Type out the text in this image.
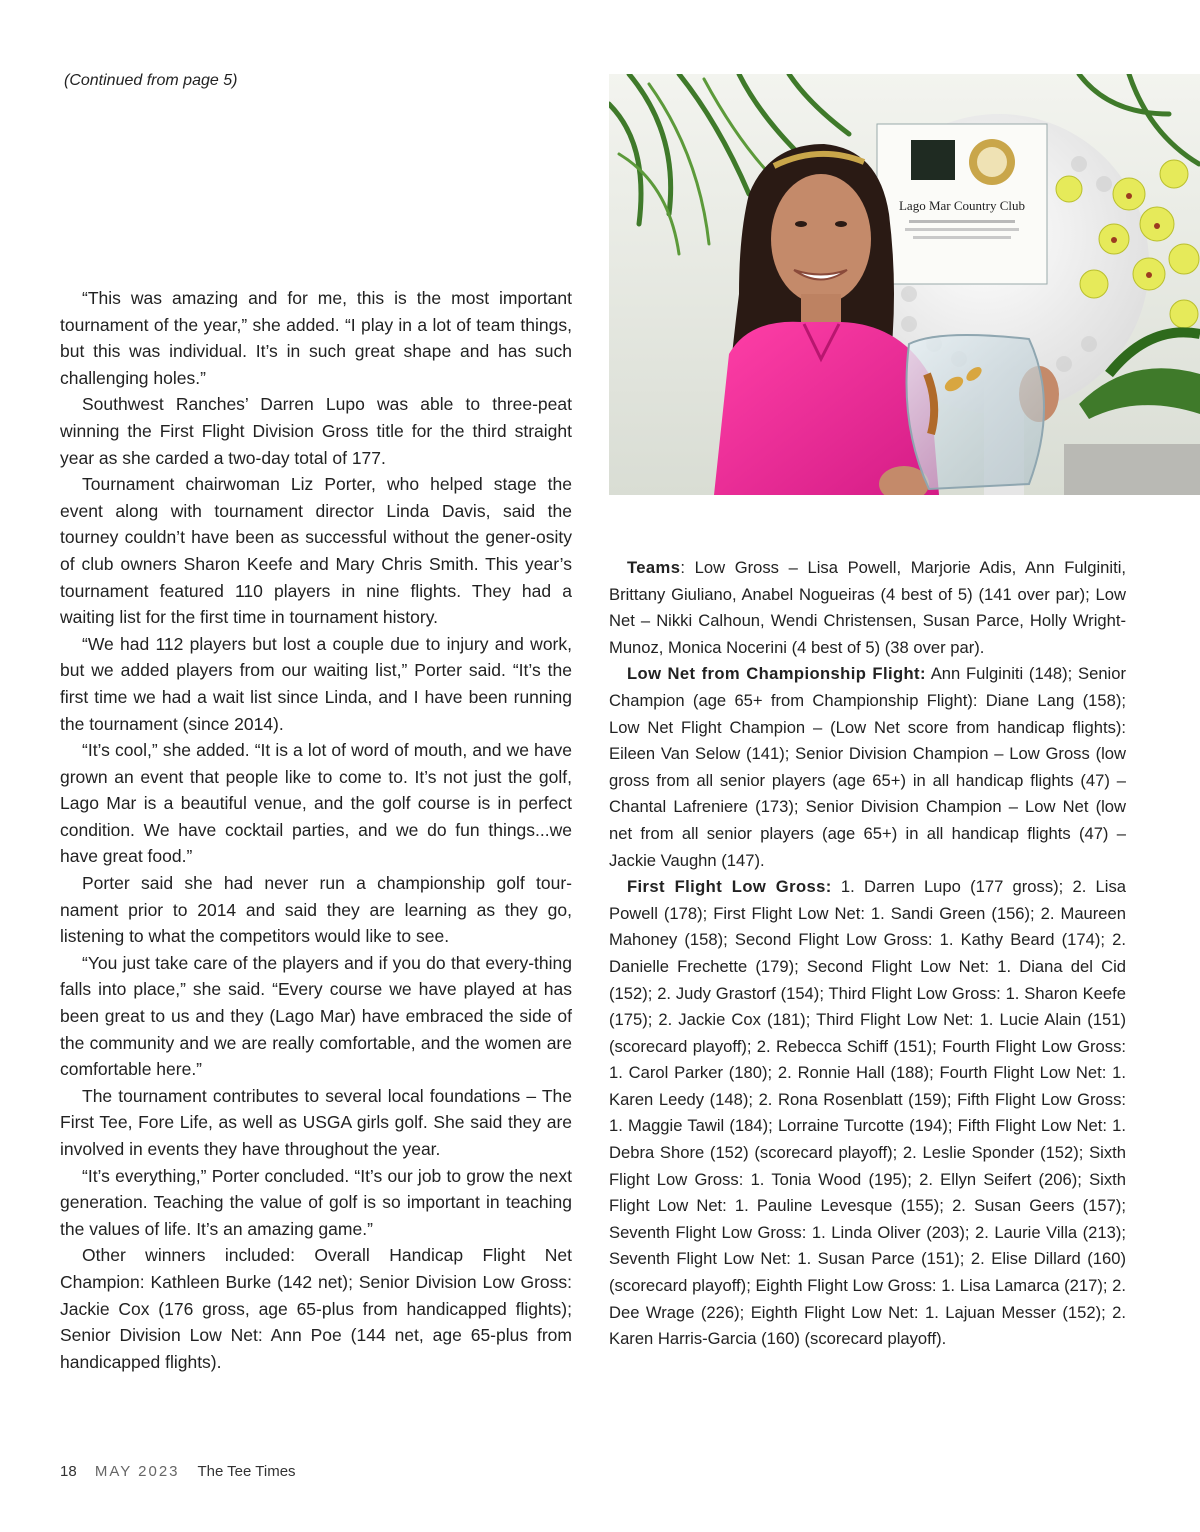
(Continued from page 5)
Lago Mar Country Club

“This was amazing and for me, this is the most important tournament of the year,” she added. “I play in a lot of team things, but this was individual. It’s in such great shape and has such challenging holes.”

Southwest Ranches’ Darren Lupo was able to three-peat winning the First Flight Division Gross title for the third straight year as she carded a two-day total of 177.

Tournament chairwoman Liz Porter, who helped stage the event along with tournament director Linda Davis, said the tourney couldn’t have been as successful without the gener-osity of club owners Sharon Keefe and Mary Chris Smith. This year’s tournament featured 110 players in nine flights. They had a waiting list for the first time in tournament history.

“We had 112 players but lost a couple due to injury and work, but we added players from our waiting list,” Porter said. “It’s the first time we had a wait list since Linda, and I have been running the tournament (since 2014).

“It’s cool,” she added. “It is a lot of word of mouth, and we have grown an event that people like to come to. It’s not just the golf, Lago Mar is a beautiful venue, and the golf course is in perfect condition. We have cocktail parties, and we do fun things...we have great food.”

Porter said she had never run a championship golf tour-nament prior to 2014 and said they are learning as they go, listening to what the competitors would like to see.

“You just take care of the players and if you do that every-thing falls into place,” she said. “Every course we have played at has been great to us and they (Lago Mar) have embraced the side of the community and we are really comfortable, and the women are comfortable here.”

The tournament contributes to several local foundations – The First Tee, Fore Life, as well as USGA girls golf. She said they are involved in events they have throughout the year.

“It’s everything,” Porter concluded. “It’s our job to grow the next generation. Teaching the value of golf is so important in teaching the values of life. It’s an amazing game.”

Other winners included: Overall Handicap Flight Net Champion: Kathleen Burke (142 net); Senior Division Low Gross: Jackie Cox (176 gross, age 65-plus from handicapped flights); Senior Division Low Net: Ann Poe (144 net, age 65-plus from handicapped flights).

Teams: Low Gross – Lisa Powell, Marjorie Adis, Ann Fulginiti, Brittany Giuliano, Anabel Nogueiras (4 best of 5) (141 over par); Low Net – Nikki Calhoun, Wendi Christensen, Susan Parce, Holly Wright-Munoz, Monica Nocerini (4 best of 5) (38 over par).

Low Net from Championship Flight: Ann Fulginiti (148); Senior Champion (age 65+ from Championship Flight): Diane Lang (158); Low Net Flight Champion – (Low Net score from handicap flights): Eileen Van Selow (141); Senior Division Champion – Low Gross (low gross from all senior players (age 65+) in all handicap flights (47) – Chantal Lafreniere (173); Senior Division Champion – Low Net (low net from all senior players (age 65+) in all handicap flights (47) – Jackie Vaughn (147).

First Flight Low Gross: 1. Darren Lupo (177 gross); 2. Lisa Powell (178); First Flight Low Net: 1. Sandi Green (156); 2. Maureen Mahoney (158); Second Flight Low Gross: 1. Kathy Beard (174); 2. Danielle Frechette (179); Second Flight Low Net: 1. Diana del Cid (152); 2. Judy Grastorf (154); Third Flight Low Gross: 1. Sharon Keefe (175); 2. Jackie Cox (181); Third Flight Low Net: 1. Lucie Alain (151) (scorecard playoff); 2. Rebecca Schiff (151); Fourth Flight Low Gross: 1. Carol Parker (180); 2. Ronnie Hall (188); Fourth Flight Low Net: 1. Karen Leedy (148); 2. Rona Rosenblatt (159); Fifth Flight Low Gross: 1. Maggie Tawil (184); Lorraine Turcotte (194); Fifth Flight Low Net: 1. Debra Shore (152) (scorecard playoff); 2. Leslie Sponder (152); Sixth Flight Low Gross: 1. Tonia Wood (195); 2. Ellyn Seifert (206); Sixth Flight Low Net: 1. Pauline Levesque (155); 2. Susan Geers (157); Seventh Flight Low Gross: 1. Linda Oliver (203); 2. Laurie Villa (213); Seventh Flight Low Net: 1. Susan Parce (151); 2. Elise Dillard (160) (scorecard playoff); Eighth Flight Low Gross: 1. Lisa Lamarca (217); 2. Dee Wrage (226); Eighth Flight Low Net: 1. Lajuan Messer (152); 2. Karen Harris-Garcia (160) (scorecard playoff).

18 MAY 2023 The Tee Times
